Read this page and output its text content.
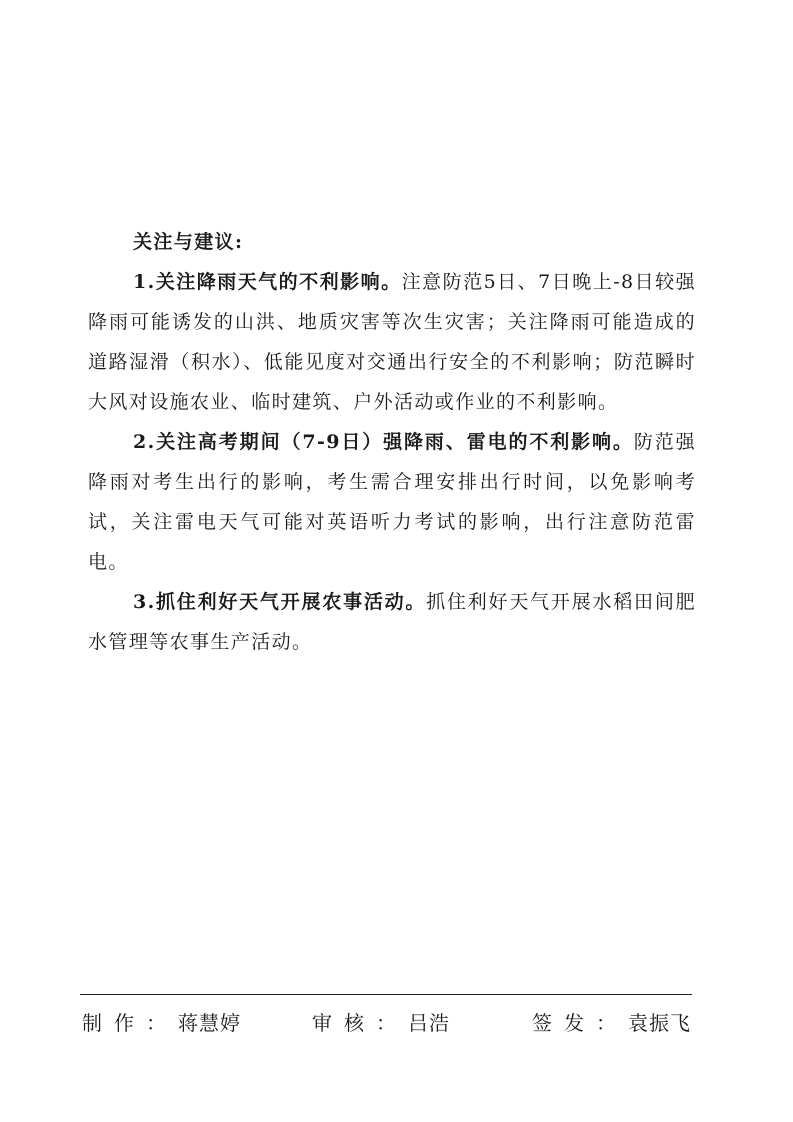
关注与建议:

1.关注降雨天气的不利影响。注意防范5日、7日晚上-8日较强降雨可能诱发的山洪、地质灾害等次生灾害；关注降雨可能造成的道路湿滑（积水）、低能见度对交通出行安全的不利影响；防范瞬时大风对设施农业、临时建筑、户外活动或作业的不利影响。

2.关注高考期间（7-9日）强降雨、雷电的不利影响。防范强降雨对考生出行的影响，考生需合理安排出行时间，以免影响考试，关注雷电天气可能对英语听力考试的影响，出行注意防范雷电。

3.抓住利好天气开展农事活动。抓住利好天气开展水稻田间肥水管理等农事生产活动。

制作：蒋慧婷	审核：吕浩	签发：袁振飞
